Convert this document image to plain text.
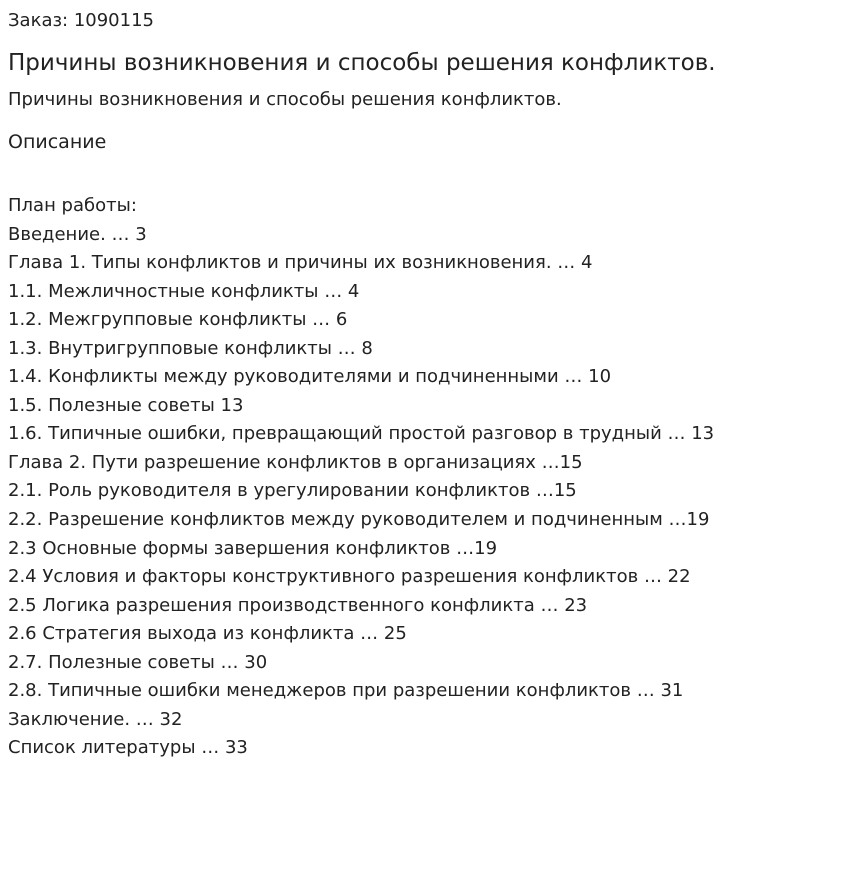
Заказ: 1090115
Причины возникновения и способы решения конфликтов.
Причины возникновения и способы решения конфликтов.
Описание
План работы:
Введение. … 3
Глава 1. Типы конфликтов и причины их возникновения. … 4
1.1. Межличностные конфликты … 4
1.2. Межгрупповые конфликты … 6
1.3. Внутригрупповые конфликты … 8
1.4. Конфликты между руководителями и подчиненными … 10
1.5. Полезные советы 13
1.6. Типичные ошибки, превращающий простой разговор в трудный … 13
Глава 2. Пути разрешение конфликтов в организациях …15
2.1. Роль руководителя в урегулировании конфликтов …15
2.2. Разрешение конфликтов между руководителем и подчиненным …19
2.3 Основные формы завершения конфликтов …19
2.4 Условия и факторы конструктивного разрешения конфликтов … 22
2.5 Логика разрешения производственного конфликта … 23
2.6 Стратегия выхода из конфликта … 25
2.7. Полезные советы … 30
2.8. Типичные ошибки менеджеров при разрешении конфликтов … 31
Заключение. … 32
Список литературы … 33
